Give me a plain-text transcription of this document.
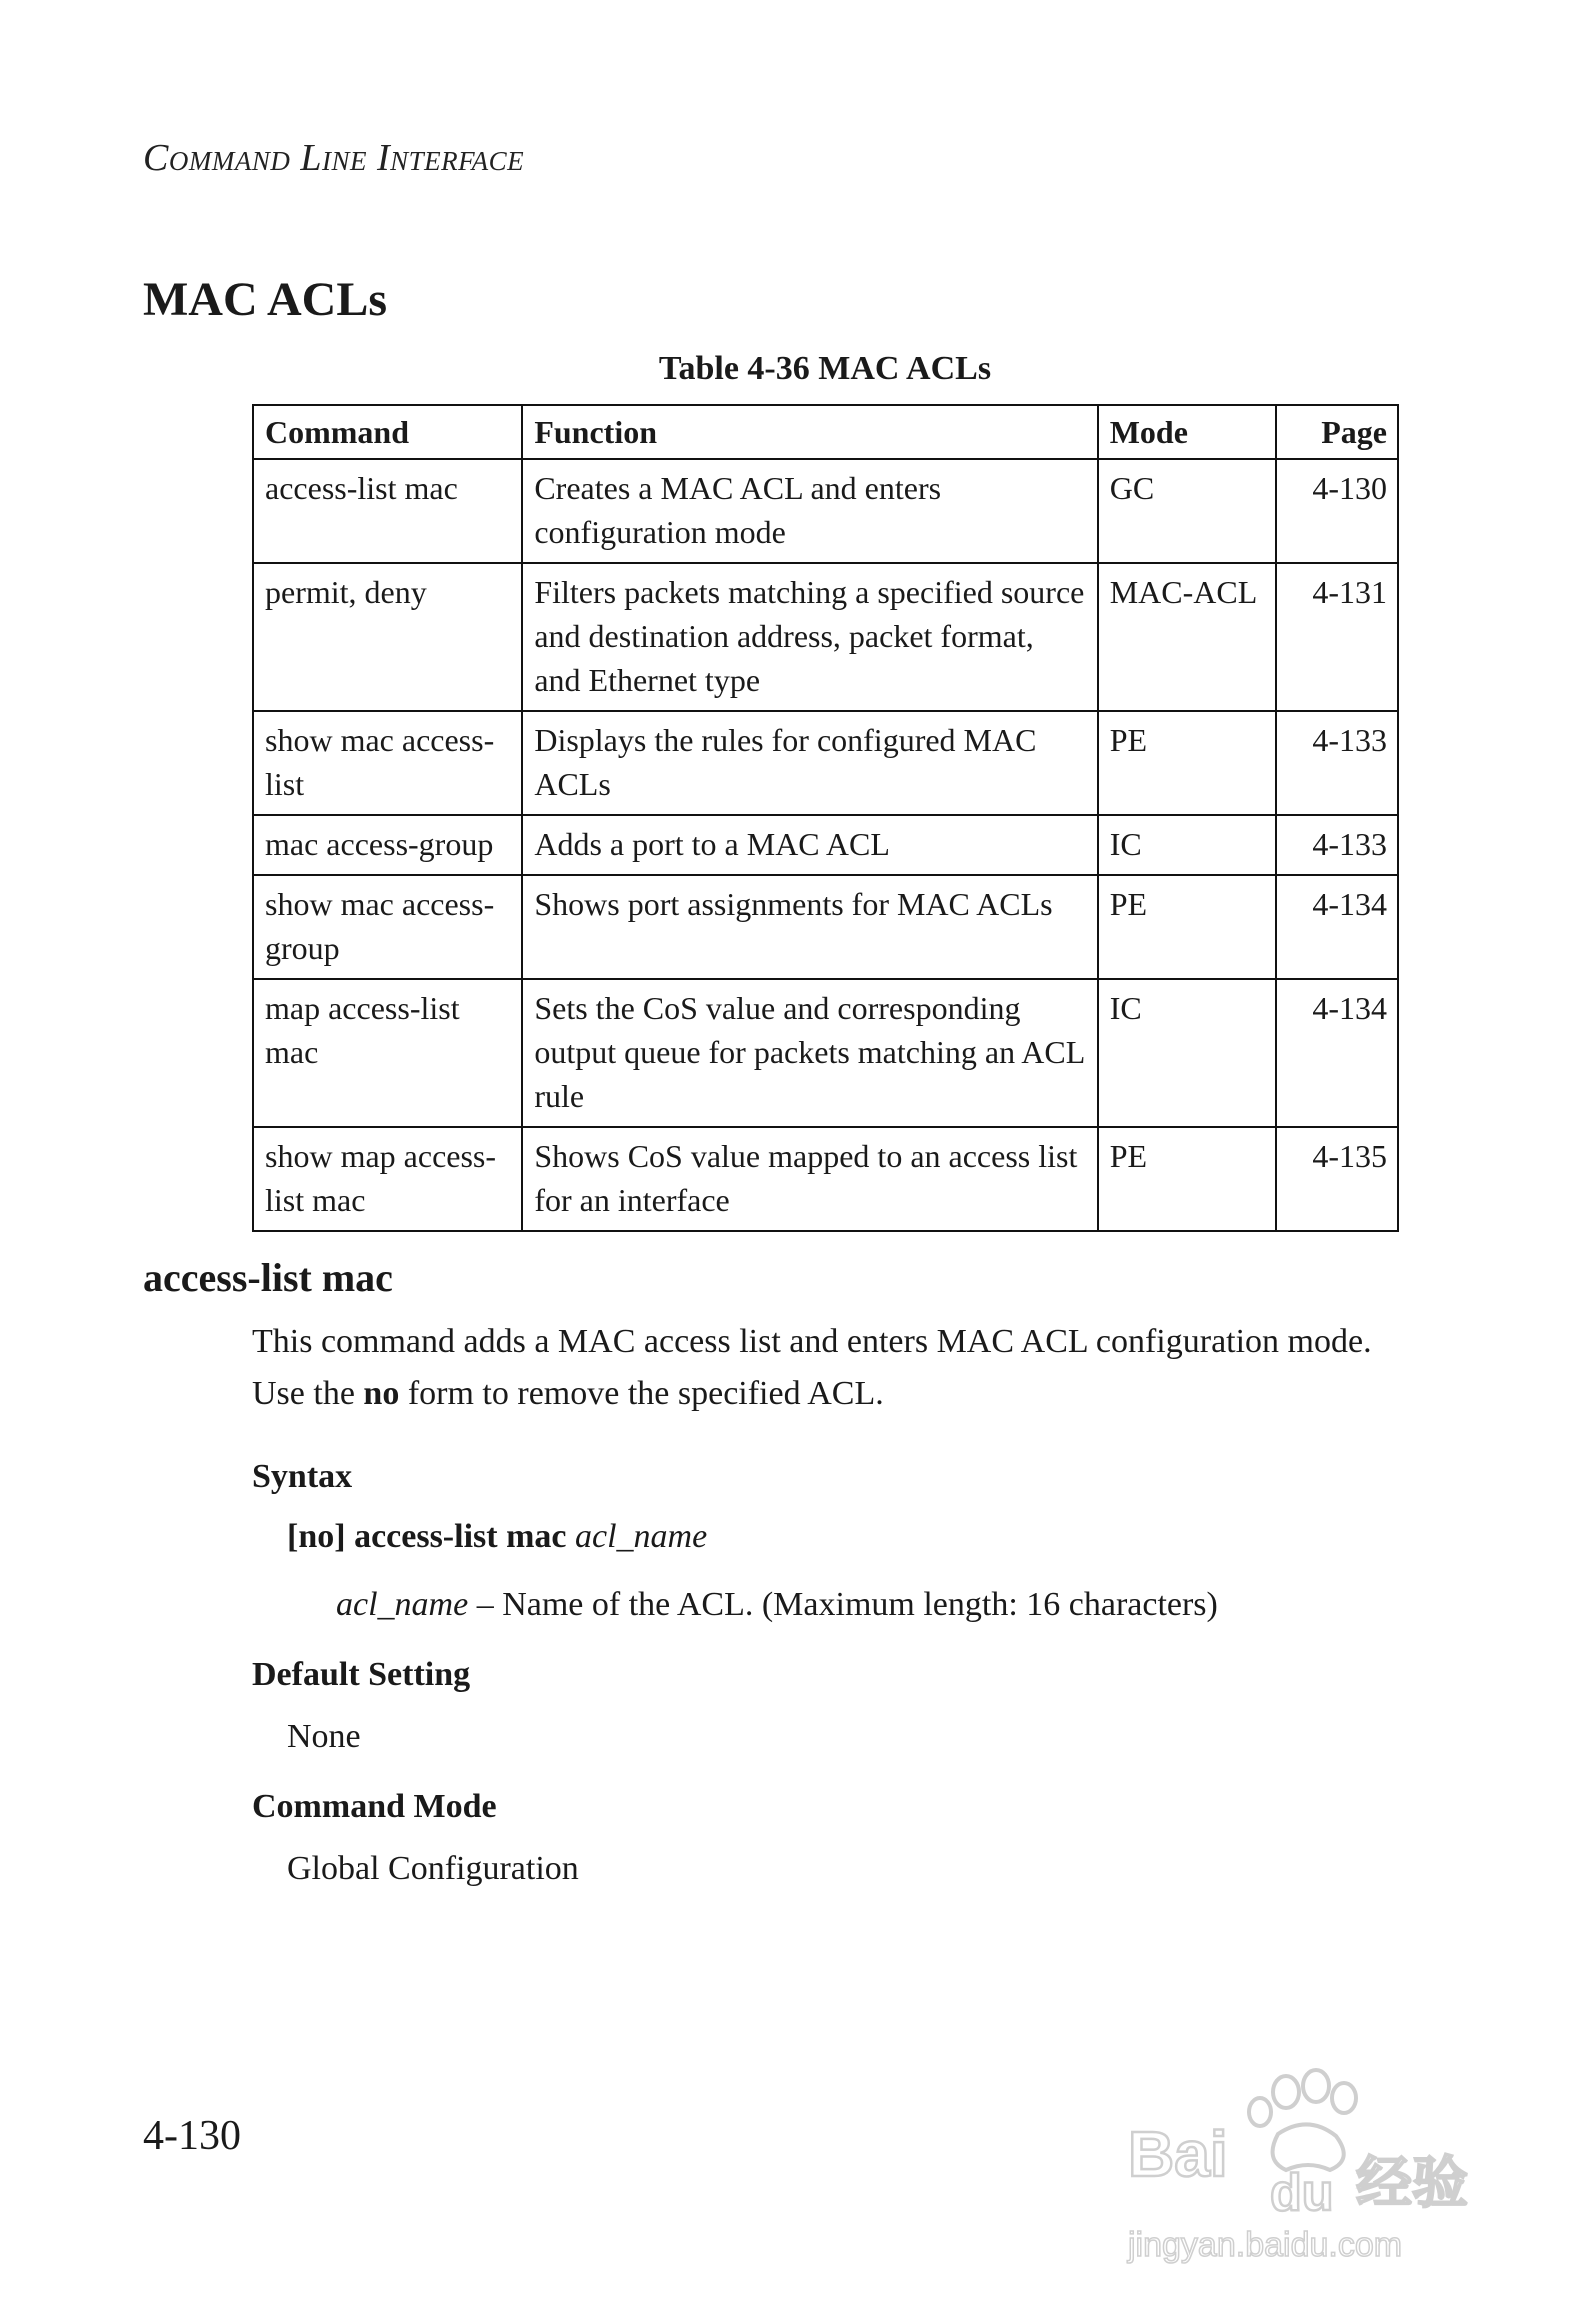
Command Line Interface
MAC ACLs
Table 4-36 MAC ACLs
Command	Function	Mode	Page
access-list mac	Creates a MAC ACL and enters configuration mode	GC	4-130
permit, deny	Filters packets matching a specified source and destination address, packet format, and Ethernet type	MAC-ACL	4-131
show mac access-list	Displays the rules for configured MAC ACLs	PE	4-133
mac access-group	Adds a port to a MAC ACL	IC	4-133
show mac access-group	Shows port assignments for MAC ACLs	PE	4-134
map access-list mac	Sets the CoS value and corresponding output queue for packets matching an ACL rule	IC	4-134
show map access-list mac	Shows CoS value mapped to an access list for an interface	PE	4-135
access-list mac
This command adds a MAC access list and enters MAC ACL configuration mode. Use the no form to remove the specified ACL.
Syntax
[no] access-list mac acl_name
acl_name – Name of the ACL. (Maximum length: 16 characters)
Default Setting
None
Command Mode
Global Configuration
4-130	Bai
du 经验
jingyan.baidu.com
